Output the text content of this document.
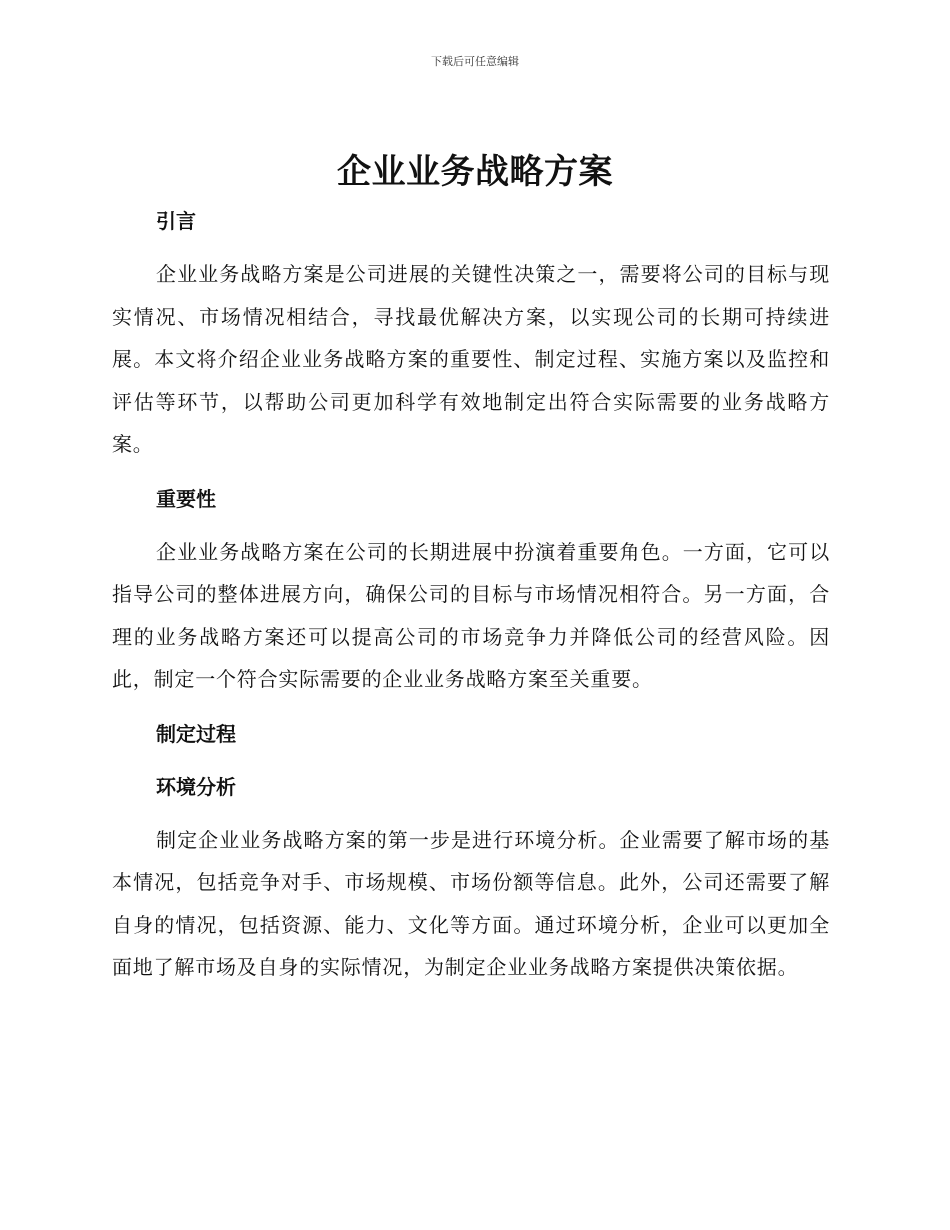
下载后可任意编辑
企业业务战略方案
引言

企业业务战略方案是公司进展的关键性决策之一，需要将公司的目标与现实情况、市场情况相结合，寻找最优解决方案，以实现公司的长期可持续进展。本文将介绍企业业务战略方案的重要性、制定过程、实施方案以及监控和评估等环节，以帮助公司更加科学有效地制定出符合实际需要的业务战略方案。

重要性

企业业务战略方案在公司的长期进展中扮演着重要角色。一方面，它可以指导公司的整体进展方向，确保公司的目标与市场情况相符合。另一方面，合理的业务战略方案还可以提高公司的市场竞争力并降低公司的经营风险。因此，制定一个符合实际需要的企业业务战略方案至关重要。

制定过程
环境分析

制定企业业务战略方案的第一步是进行环境分析。企业需要了解市场的基本情况，包括竞争对手、市场规模、市场份额等信息。此外，公司还需要了解自身的情况，包括资源、能力、文化等方面。通过环境分析，企业可以更加全面地了解市场及自身的实际情况，为制定企业业务战略方案提供决策依据。
